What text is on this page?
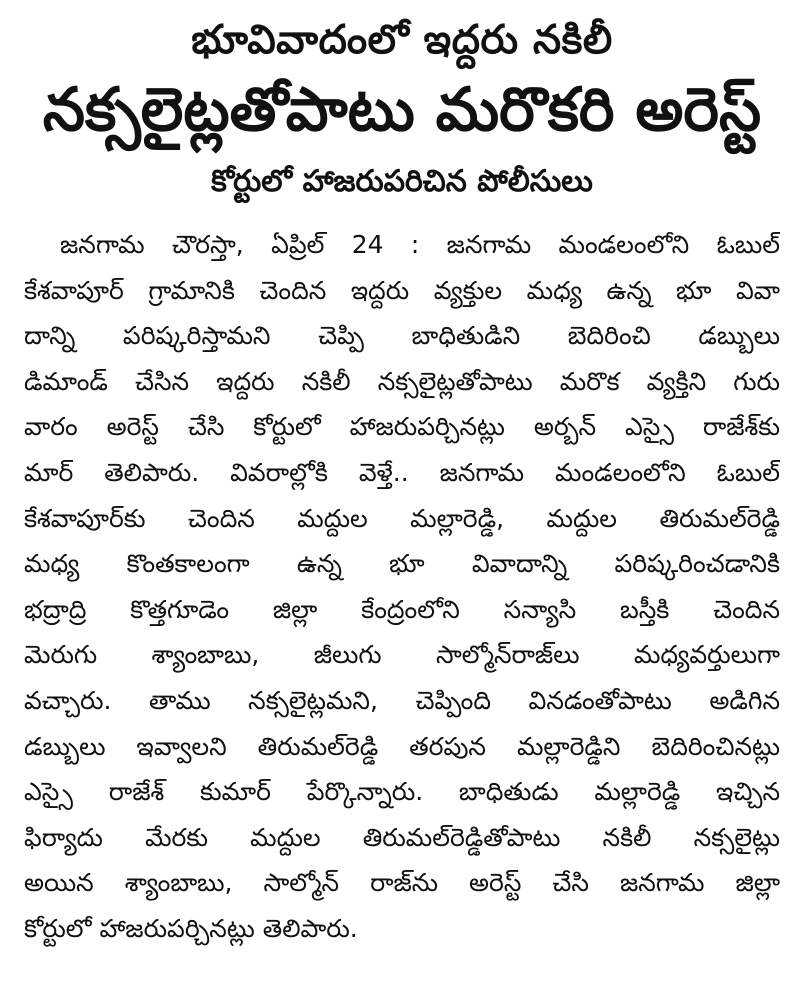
భూవివాదంలో ఇద్దరు నకిలీ
నక్సలైట్లతోపాటు మరొకరి అరెస్ట్
కోర్టులో హాజరుపరిచిన పోలీసులు
జనగామ చౌరస్తా, ఏప్రిల్ 24 : జనగామ మండలంలోని ఓబుల్
కేశవాపూర్ గ్రామానికి చెందిన ఇద్దరు వ్యక్తుల మధ్య ఉన్న భూ వివా
దాన్ని పరిష్కరిస్తామని చెప్పి బాధితుడిని బెదిరించి డబ్బులు
డిమాండ్ చేసిన ఇద్దరు నకిలీ నక్సలైట్లతోపాటు మరొక వ్యక్తిని గురు
వారం అరెస్ట్ చేసి కోర్టులో హాజరుపర్చినట్లు అర్బన్ ఎస్సై రాజేశ్‌కు
మార్ తెలిపారు. వివరాల్లోకి వెళ్తే.. జనగామ మండలంలోని ఓబుల్
కేశవాపూర్‌కు చెందిన మద్దుల మల్లారెడ్డి, మద్దుల తిరుమల్‌రెడ్డి
మధ్య కొంతకాలంగా ఉన్న భూ వివాదాన్ని పరిష్కరించడానికి
భద్రాద్రి కొత్తగూడెం జిల్లా కేంద్రంలోని సన్యాసి బస్తీకి చెందిన
మెరుగు శ్యాంబాబు, జీలుగు సాల్మోన్‌రాజ్‌లు మధ్యవర్తులుగా
వచ్చారు. తాము నక్సలైట్లమని, చెప్పింది వినడంతోపాటు అడిగిన
డబ్బులు ఇవ్వాలని తిరుమల్‌రెడ్డి తరపున మల్లారెడ్డిని బెదిరించినట్లు
ఎస్సై రాజేశ్ కుమార్ పేర్కొన్నారు. బాధితుడు మల్లారెడ్డి ఇచ్చిన
ఫిర్యాదు మేరకు మద్దుల తిరుమల్‌రెడ్డితోపాటు నకిలీ నక్సలైట్లు
అయిన శ్యాంబాబు, సాల్మోన్ రాజ్‌ను అరెస్ట్ చేసి జనగామ జిల్లా
కోర్టులో హాజరుపర్చినట్లు తెలిపారు.
